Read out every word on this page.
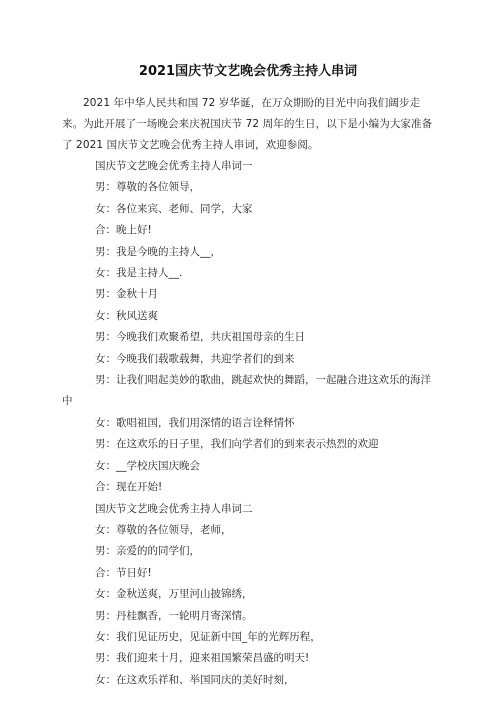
2021国庆节文艺晚会优秀主持人串词

2021 年中华人民共和国 72 岁华诞，在万众期盼的目光中向我们阔步走来。为此开展了一场晚会来庆祝国庆节 72 周年的生日，以下是小编为大家准备了 2021 国庆节文艺晚会优秀主持人串词，欢迎参阅。

国庆节文艺晚会优秀主持人串词一
男：尊敬的各位领导，
女：各位来宾、老师、同学，大家
合：晚上好!
男：我是今晚的主持人__，
女：我是主持人__.
男：金秋十月
女：秋风送爽
男：今晚我们欢聚希望，共庆祖国母亲的生日
女：今晚我们载歌载舞，共迎学者们的到来
男：让我们唱起美妙的歌曲，跳起欢快的舞蹈，一起融合进这欢乐的海洋中
女：歌唱祖国，我们用深情的语言诠释情怀
男：在这欢乐的日子里，我们向学者们的到来表示热烈的欢迎
女：__学校庆国庆晚会
合：现在开始!
国庆节文艺晚会优秀主持人串词二
女：尊敬的各位领导，老师，
男：亲爱的的同学们，
合：节日好!
女：金秋送爽，万里河山披锦绣，
男：丹桂飘香，一轮明月寄深情。
女：我们见证历史，见证新中国_年的光辉历程，
男：我们迎来十月，迎来祖国繁荣昌盛的明天!
女：在这欢乐祥和、举国同庆的美好时刻，
